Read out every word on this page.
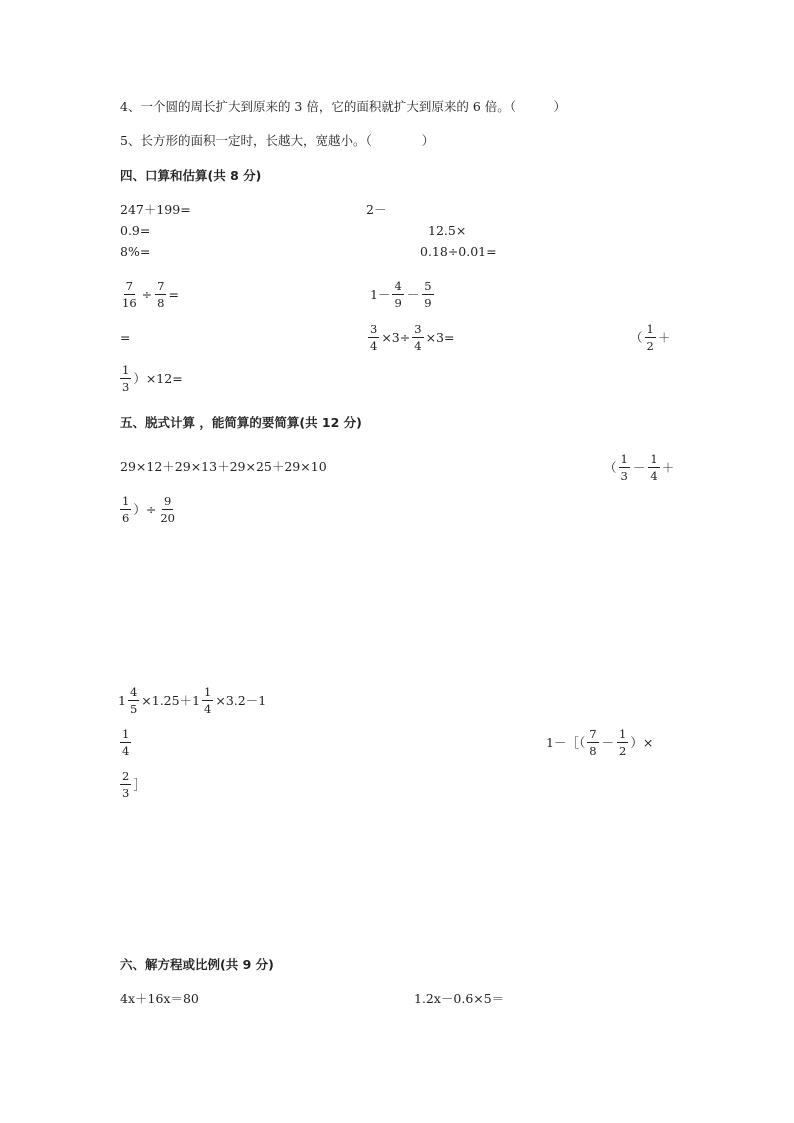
4、一个圆的周长扩大到原来的 3 倍，它的面积就扩大到原来的 6 倍。（　　　）
5、长方形的面积一定时，长越大，宽越小。（　　　　）
四、口算和估算(共 8 分)
247＋199=	2－
0.9=	12.5×
8%=	0.18÷0.01=
$\frac{7}{16} \div \frac{7}{8}$ =	$1- \frac{4}{9} - \frac{5}{9}$
=	$\frac{3}{4} \times 3\div \frac{3}{4} \times 3=$	（ $\frac{1}{2}$ ＋
$\frac{1}{3} )\times 12=$
五、脱式计算 ，能简算的要简算(共 12 分)
29×12＋29×13＋29×25＋29×10	（ $\frac{1}{3} - \frac{1}{4}$ ＋
$\frac{1}{6}$ ）÷ $\frac{9}{20}$
$1 \frac{4}{5} \times 1.25+1 \frac{1}{4} \times 3.2-1$
$\frac{1}{4}$	1－［（ $\frac{7}{8} - \frac{1}{2}$ ）×
$\frac{2}{3}$ ］
六、解方程或比例(共 9 分)
4x＋16x＝80	1.2x－0.6×5＝
